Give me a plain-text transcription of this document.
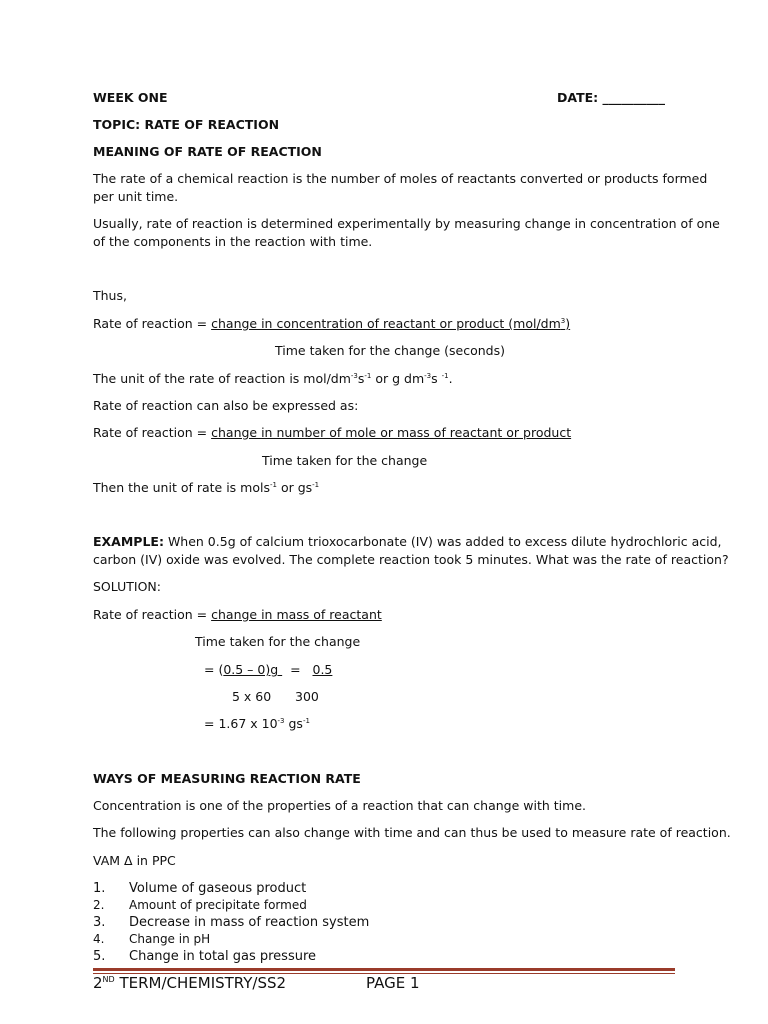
WEEK ONE	DATE: __________
TOPIC: RATE OF REACTION
MEANING OF RATE OF REACTION
The rate of a chemical reaction is the number of moles of reactants converted or products formed
per unit time.
Usually, rate of reaction is determined experimentally by measuring change in concentration of one
of the components in the reaction with time.
Thus,
Rate of reaction = change in concentration of reactant or product $(mol/dm^3)$
Time taken for the change (seconds)
The unit of the rate of reaction is mol/$dm^{-3}s^{-1}$ or g $dm^{-3}s$ $^{-1}$.
Rate of reaction can also be expressed as:
Rate of reaction = change in number of mole or mass of reactant or product
Time taken for the change
Then the unit of rate is mols$^{-1}$ or $gs^{-1}$
EXAMPLE: When 0.5g of calcium trioxocarbonate (IV) was added to excess dilute hydrochloric acid,
carbon (IV) oxide was evolved. The complete reaction took 5 minutes. What was the rate of reaction?
SOLUTION:
Rate of reaction = change in mass of reactant
Time taken for the change
= (0.5 – 0)g   =   0.5
5 x 60 300
= 1.67 x $10^{-3}$ $gs^{-1}$
WAYS OF MEASURING REACTION RATE
Concentration is one of the properties of a reaction that can change with time.
The following properties can also change with time and can thus be used to measure rate of reaction.
VAM Δ in PPC
1. Volume of gaseous product
2. Amount of precipitate formed
3. Decrease in mass of reaction system
4. Change in pH
5. Change in total gas pressure
2ND TERM/CHEMISTRY/SS2	PAGE 1
